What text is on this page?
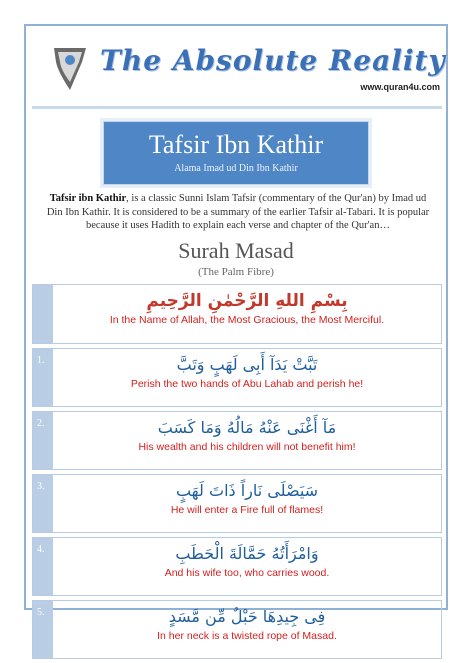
The Absolute Reality
www.quran4u.com
Tafsir Ibn Kathir
Alama Imad ud Din Ibn Kathir
Tafsir ibn Kathir, is a classic Sunni Islam Tafsir (commentary of the Qur'an) by Imad ud Din Ibn Kathir. It is considered to be a summary of the earlier Tafsir al-Tabari. It is popular because it uses Hadith to explain each verse and chapter of the Qur'an…
Surah Masad
(The Palm Fibre)
بِسْمِ اللهِ الرَّحْمٰنِ الرَّحِيمِ
In the Name of Allah, the Most Gracious, the Most Merciful.
1.	تَبَّتْ يَدَآ أَبِى لَهَبٍ وَتَبَّ
Perish the two hands of Abu Lahab and perish he!
2.	مَآ أَغْنَى عَنْهُ مَالُهُ وَمَا كَسَبَ
His wealth and his children will not benefit him!
3.	سَيَصْلَى نَاراً ذَاتَ لَهَبٍ
He will enter a Fire full of flames!
4.	وَامْرَأَتُهُ حَمَّالَةَ الْحَطَبِ
And his wife too, who carries wood.
5.	فِى جِيدِهَا حَبْلٌ مِّن مَّسَدٍ
In her neck is a twisted rope of Masad.
